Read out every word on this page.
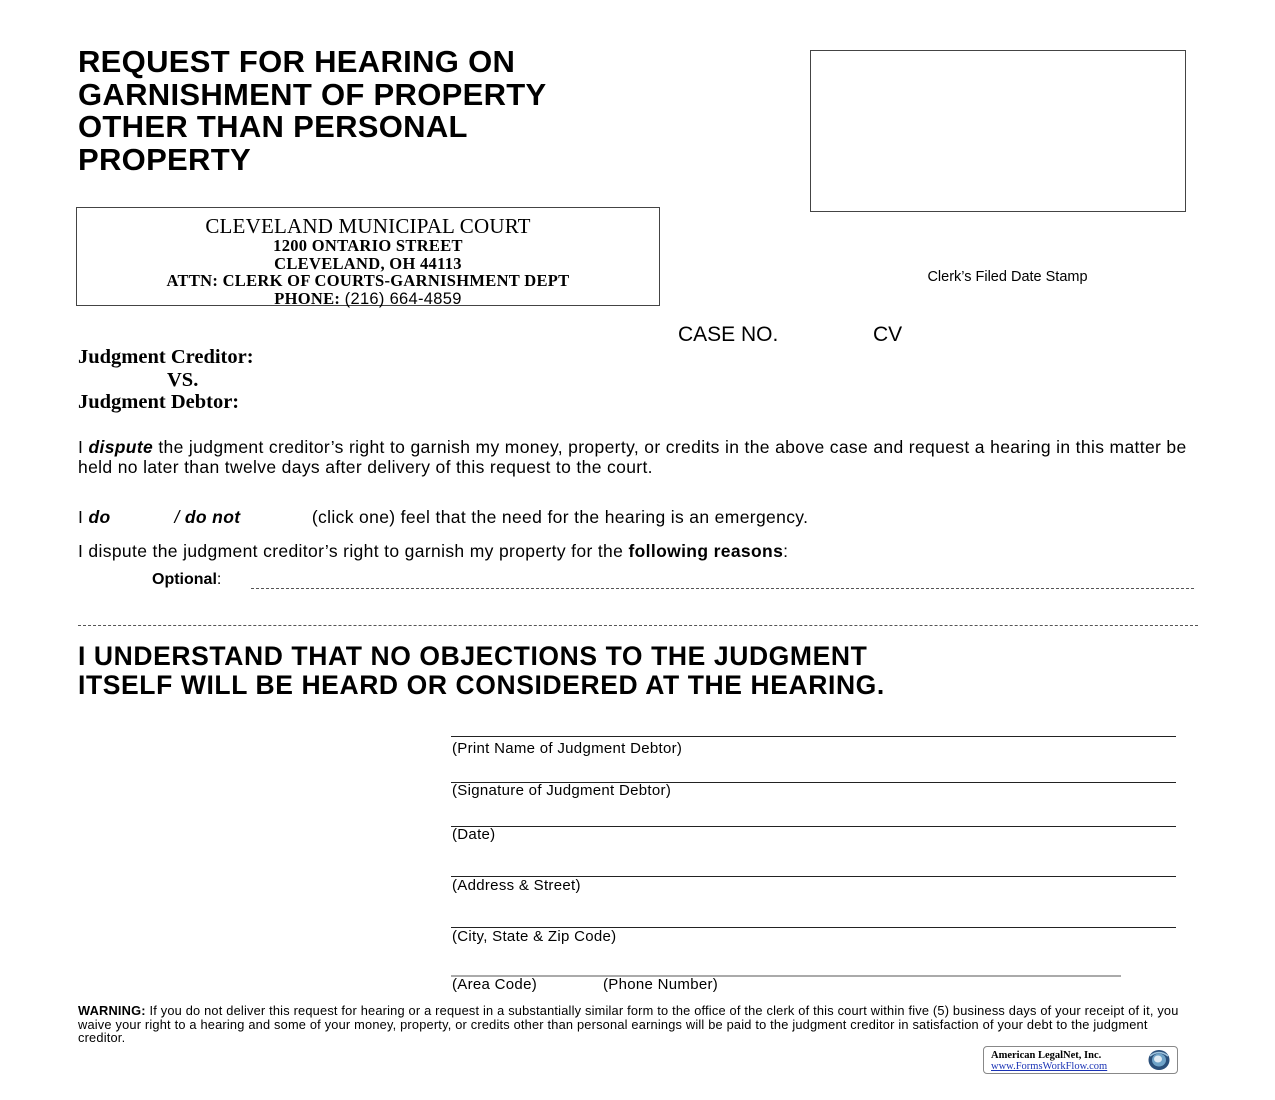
REQUEST FOR HEARING ON
GARNISHMENT OF PROPERTY
OTHER THAN PERSONAL
PROPERTY
CLEVELAND MUNICIPAL COURT
1200 ONTARIO STREET
CLEVELAND, OH 44113
ATTN: CLERK OF COURTS-GARNISHMENT DEPT
PHONE: (216) 664-4859
Clerk’s Filed Date Stamp
CASE NO.	CV
Judgment Creditor:
VS.
Judgment Debtor:
I dispute the judgment creditor’s right to garnish my money, property, or credits in the above case and request a hearing in this matter be held no later than twelve days after delivery of this request to the court.
I do	/ do not	(click one) feel that the need for the hearing is an emergency.
I dispute the judgment creditor’s right to garnish my property for the following reasons:
Optional:
I UNDERSTAND THAT NO OBJECTIONS TO THE JUDGMENT
ITSELF WILL BE HEARD OR CONSIDERED AT THE HEARING.
(Print Name of Judgment Debtor)
(Signature of Judgment Debtor)
(Date)
(Address & Street)
(City, State & Zip Code)
(Area Code)	(Phone Number)
WARNING: If you do not deliver this request for hearing or a request in a substantially similar form to the office of the clerk of this court within five (5) business days of your receipt of it, you waive your right to a hearing and some of your money, property, or credits other than personal earnings will be paid to the judgment creditor in satisfaction of your debt to the judgment creditor.
American LegalNet, Inc.
www.FormsWorkFlow.com
